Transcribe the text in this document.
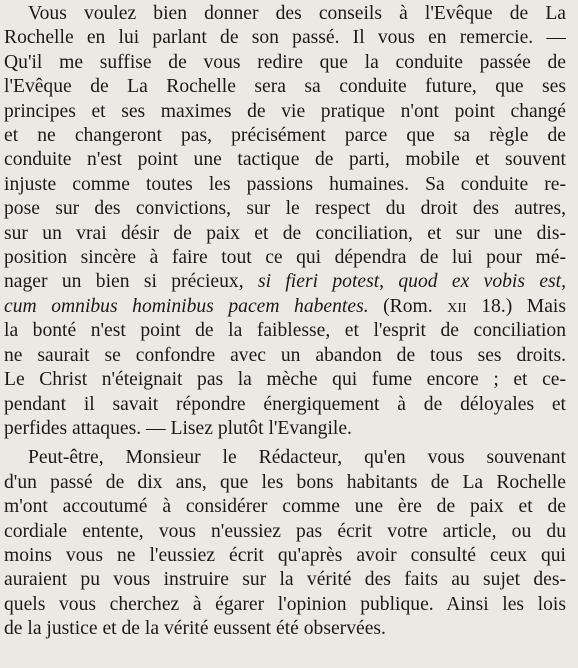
Vous voulez bien donner des conseils à l'Evêque de La
Rochelle en lui parlant de son passé. Il vous en remercie. —
Qu'il me suffise de vous redire que la conduite passée de
l'Evêque de La Rochelle sera sa conduite future, que ses
principes et ses maximes de vie pratique n'ont point changé
et ne changeront pas, précisément parce que sa règle de
conduite n'est point une tactique de parti, mobile et souvent
injuste comme toutes les passions humaines. Sa conduite re-
pose sur des convictions, sur le respect du droit des autres,
sur un vrai désir de paix et de conciliation, et sur une dis-
position sincère à faire tout ce qui dépendra de lui pour mé-
nager un bien si précieux, si fieri potest, quod ex vobis est,
cum omnibus hominibus pacem habentes. (Rom. xii 18.) Mais
la bonté n'est point de la faiblesse, et l'esprit de conciliation
ne saurait se confondre avec un abandon de tous ses droits.
Le Christ n'éteignait pas la mèche qui fume encore ; et ce-
pendant il savait répondre énergiquement à de déloyales et
perfides attaques. — Lisez plutôt l'Evangile.
Peut-être, Monsieur le Rédacteur, qu'en vous souvenant
d'un passé de dix ans, que les bons habitants de La Rochelle
m'ont accoutumé à considérer comme une ère de paix et de
cordiale entente, vous n'eussiez pas écrit votre article, ou du
moins vous ne l'eussiez écrit qu'après avoir consulté ceux qui
auraient pu vous instruire sur la vérité des faits au sujet des-
quels vous cherchez à égarer l'opinion publique. Ainsi les lois
de la justice et de la vérité eussent été observées.
